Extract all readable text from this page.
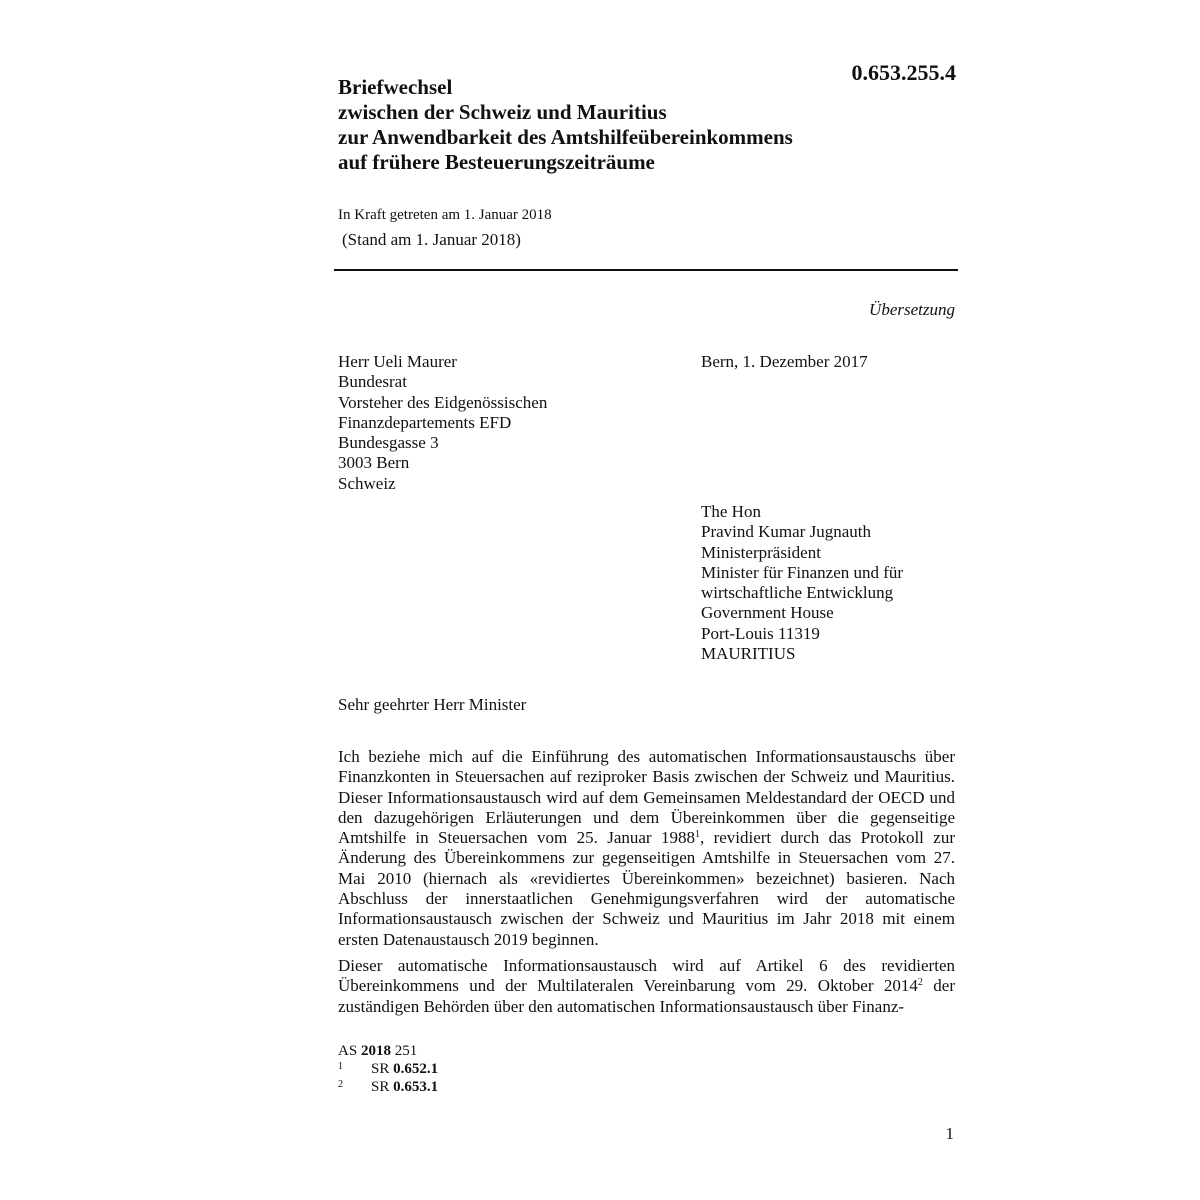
0.653.255.4
Briefwechsel
zwischen der Schweiz und Mauritius
zur Anwendbarkeit des Amtshilfeübereinkommens
auf frühere Besteuerungszeiträume
In Kraft getreten am 1. Januar 2018
(Stand am 1. Januar 2018)
Übersetzung
Herr Ueli Maurer
Bundesrat
Vorsteher des Eidgenössischen
Finanzdepartements EFD
Bundesgasse 3
3003 Bern
Schweiz
Bern, 1. Dezember 2017
The Hon
Pravind Kumar Jugnauth
Ministerpräsident
Minister für Finanzen und für
wirtschaftliche Entwicklung
Government House
Port-Louis 11319
MAURITIUS
Sehr geehrter Herr Minister

Ich beziehe mich auf die Einführung des automatischen Informationsaustauschs über Finanzkonten in Steuersachen auf reziproker Basis zwischen der Schweiz und Mauritius. Dieser Informationsaustausch wird auf dem Gemeinsamen Meldestandard der OECD und den dazugehörigen Erläuterungen und dem Übereinkommen über die gegenseitige Amtshilfe in Steuersachen vom 25. Januar 1988$^1$, revidiert durch das Protokoll zur Änderung des Übereinkommens zur gegenseitigen Amtshilfe in Steuersachen vom 27. Mai 2010 (hiernach als «revidiertes Übereinkommen» bezeichnet) basieren. Nach Abschluss der innerstaatlichen Genehmigungsverfahren wird der automatische Informationsaustausch zwischen der Schweiz und Mauritius im Jahr 2018 mit einem ersten Datenaustausch 2019 beginnen.

Dieser automatische Informationsaustausch wird auf Artikel 6 des revidierten Übereinkommens und der Multilateralen Vereinbarung vom 29. Oktober 2014$^2$ der zuständigen Behörden über den automatischen Informationsaustausch über Finanz-

AS 2018 251
1	SR 0.652.1
2	SR 0.653.1
1
